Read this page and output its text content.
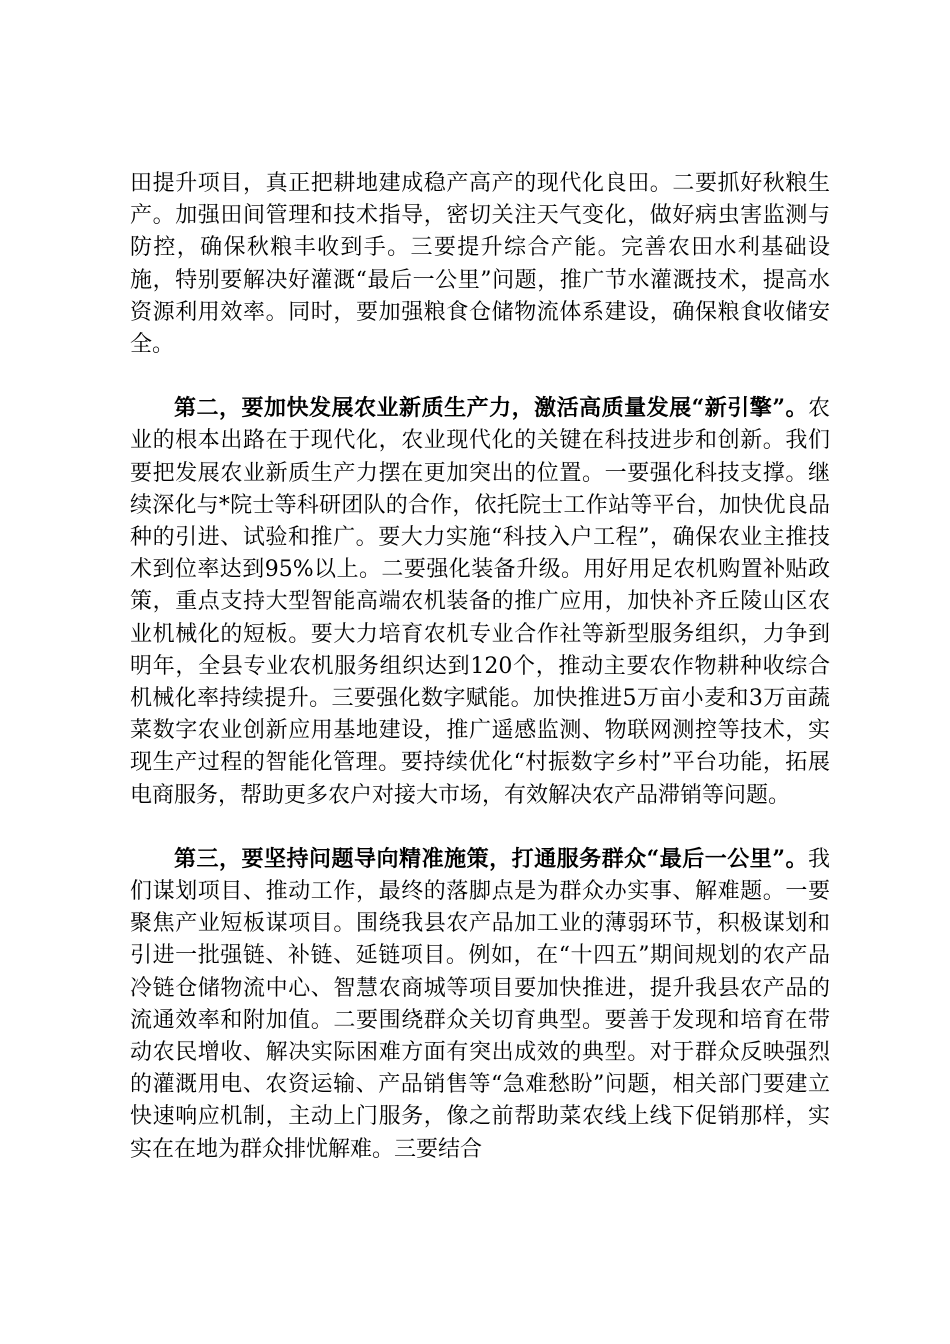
田提升项目，真正把耕地建成稳产高产的现代化良田。二要抓好秋粮生产。加强田间管理和技术指导，密切关注天气变化，做好病虫害监测与防控，确保秋粮丰收到手。三要提升综合产能。完善农田水利基础设施，特别要解决好灌溉“最后一公里”问题，推广节水灌溉技术，提高水资源利用效率。同时，要加强粮食仓储物流体系建设，确保粮食收储安全。

第二，要加快发展农业新质生产力，激活高质量发展“新引擎”。农业的根本出路在于现代化，农业现代化的关键在科技进步和创新。我们要把发展农业新质生产力摆在更加突出的位置。一要强化科技支撑。继续深化与*院士等科研团队的合作，依托院士工作站等平台，加快优良品种的引进、试验和推广。要大力实施“科技入户工程”，确保农业主推技术到位率达到95%以上。二要强化装备升级。用好用足农机购置补贴政策，重点支持大型智能高端农机装备的推广应用，加快补齐丘陵山区农业机械化的短板。要大力培育农机专业合作社等新型服务组织，力争到明年，全县专业农机服务组织达到120个，推动主要农作物耕种收综合机械化率持续提升。三要强化数字赋能。加快推进5万亩小麦和3万亩蔬菜数字农业创新应用基地建设，推广遥感监测、物联网测控等技术，实现生产过程的智能化管理。要持续优化“村振数字乡村”平台功能，拓展电商服务，帮助更多农户对接大市场，有效解决农产品滞销等问题。

第三，要坚持问题导向精准施策，打通服务群众“最后一公里”。我们谋划项目、推动工作，最终的落脚点是为群众办实事、解难题。一要聚焦产业短板谋项目。围绕我县农产品加工业的薄弱环节，积极谋划和引进一批强链、补链、延链项目。例如，在“十四五”期间规划的农产品冷链仓储物流中心、智慧农商城等项目要加快推进，提升我县农产品的流通效率和附加值。二要围绕群众关切育典型。要善于发现和培育在带动农民增收、解决实际困难方面有突出成效的典型。对于群众反映强烈的灌溉用电、农资运输、产品销售等“急难愁盼”问题，相关部门要建立快速响应机制，主动上门服务，像之前帮助菜农线上线下促销那样，实实在在地为群众排忧解难。三要结合
